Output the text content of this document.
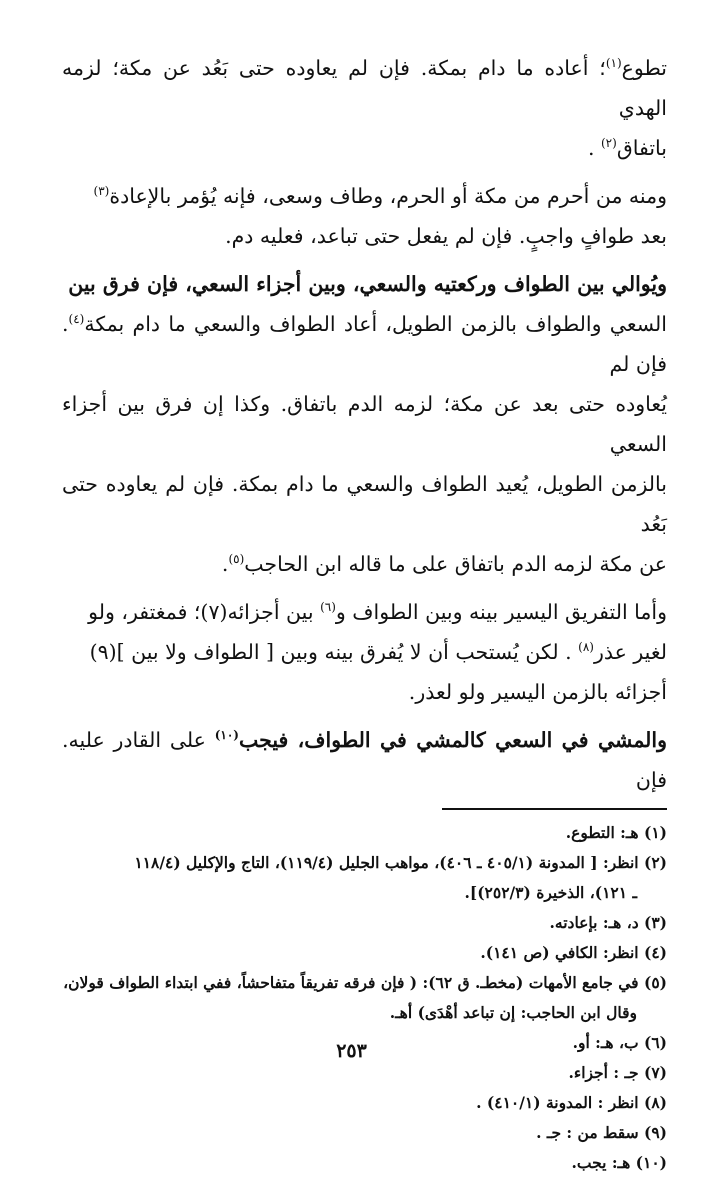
تطوع$^{(١)}$؛ أعاده ما دام بمكة. فإن لم يعاوده حتى بَعُد عن مكة؛ لزمه الهدي

باتفاق$^{(٢)}$ .

ومنه من أحرم من مكة أو الحرم، وطاف وسعى، فإنه يُؤمر بالإعادة$^{(٣)}$

بعد طوافٍ واجبٍ. فإن لم يفعل حتى تباعد، فعليه دم.

ويُوالي بين الطواف وركعتيه والسعي، وبين أجزاء السعي، فإن فرق بين

السعي والطواف بالزمن الطويل، أعاد الطواف والسعي ما دام بمكة$^{(٤)}$. فإن لم

يُعاوده حتى بعد عن مكة؛ لزمه الدم باتفاق. وكذا إن فرق بين أجزاء السعي

بالزمن الطويل، يُعيد الطواف والسعي ما دام بمكة. فإن لم يعاوده حتى بَعُد

عن مكة لزمه الدم باتفاق على ما قاله ابن الحاجب$^{(٥)}$.

وأما التفريق اليسير بينه وبين الطواف و$^{(٦)}$ بين أجزائه(٧)؛ فمغتفر، ولو

لغير عذر$^{(٨)}$ . لكن يُستحب أن لا يُفرق بينه وبين [ الطواف ولا بين ](٩)

أجزائه بالزمن اليسير ولو لعذر.

والمشي في السعي كالمشي في الطواف، فيجب$^{(١٠)}$ على القادر عليه. فإن

(١) هـ: التطوع.

(٢) انظر: [ المدونة (٤٠٥/١ ـ ٤٠٦)، مواهب الجليل (١١٩/٤)، التاج والإكليل (١١٨/٤

ـ ١٢١)، الذخيرة (٢٥٢/٣)].

(٣) د، هـ: بإعادته.

(٤) انظر: الكافي (ص ١٤١).

(٥) في جامع الأمهات (مخطـ. ق ٦٢): ( فإن فرقه تفريقاً متفاحشاً، ففي ابتداء الطواف قولان،

وقال ابن الحاجب: إن تباعد أهْدَى) أهـ.

(٦) ب، هـ: أو.

(٧) جـ : أجزاء.

(٨) انظر : المدونة (٤١٠/١) .

(٩) سقط من : جـ .

(١٠) هـ: يجب.

٢٥٣
